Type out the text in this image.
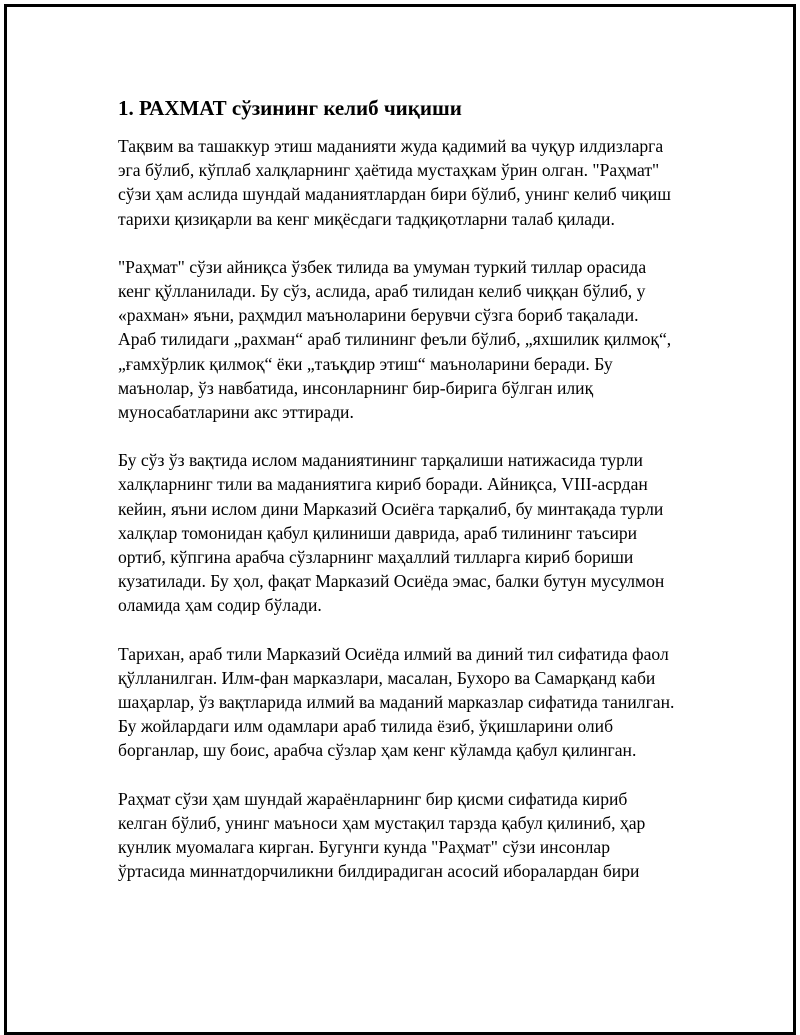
1. РАХМАТ сўзининг келиб чиқиши

Тақвим ва ташаккур этиш маданияти жуда қадимий ва чуқур илдизларга эга бўлиб, кўплаб халқларнинг ҳаётида мустаҳкам ўрин олган. "Раҳмат" сўзи ҳам аслида шундай маданиятлардан бири бўлиб, унинг келиб чиқиш тарихи қизиқарли ва кенг миқёсдаги тадқиқотларни талаб қилади.

"Раҳмат" сўзи айниқса ўзбек тилида ва умуман туркий тиллар орасида кенг қўлланилади. Бу сўз, аслида, араб тилидан келиб чиққан бўлиб, у «рахман» яъни, раҳмдил маъноларини берувчи сўзга бориб тақалади. Араб тилидаги „рахман“ араб тилининг феъли бўлиб, „яхшилик қилмоқ“, „ғамхўрлик қилмоқ“ ёки „таъқдир этиш“ маъноларини беради. Бу маънолар, ўз навбатида, инсонларнинг бир-бирига бўлган илиқ муносабатларини акс эттиради.

Бу сўз ўз вақтида ислом маданиятининг тарқалиши натижасида турли халқларнинг тили ва маданиятига кириб боради. Айниқса, VIII-асрдан кейин, яъни ислом дини Марказий Осиёга тарқалиб, бу минтақада турли халқлар томонидан қабул қилиниши даврида, араб тилининг таъсири ортиб, кўпгина арабча сўзларнинг маҳаллий тилларга кириб бориши кузатилади. Бу ҳол, фақат Марказий Осиёда эмас, балки бутун мусулмон оламида ҳам содир бўлади.

Тарихан, араб тили Марказий Осиёда илмий ва диний тил сифатида фаол қўлланилган. Илм-фан марказлари, масалан, Бухоро ва Самарқанд каби шаҳарлар, ўз вақтларида илмий ва маданий марказлар сифатида танилган. Бу жойлардаги илм одамлари араб тилида ёзиб, ўқишларини олиб борганлар, шу боис, арабча сўзлар ҳам кенг кўламда қабул қилинган.

Раҳмат сўзи ҳам шундай жараёнларнинг бир қисми сифатида кириб келган бўлиб, унинг маъноси ҳам мустақил тарзда қабул қилиниб, ҳар кунлик муомалага кирган. Бугунги кунда "Раҳмат" сўзи инсонлар ўртасида миннатдорчиликни билдирадиган асосий иборалардан бири
